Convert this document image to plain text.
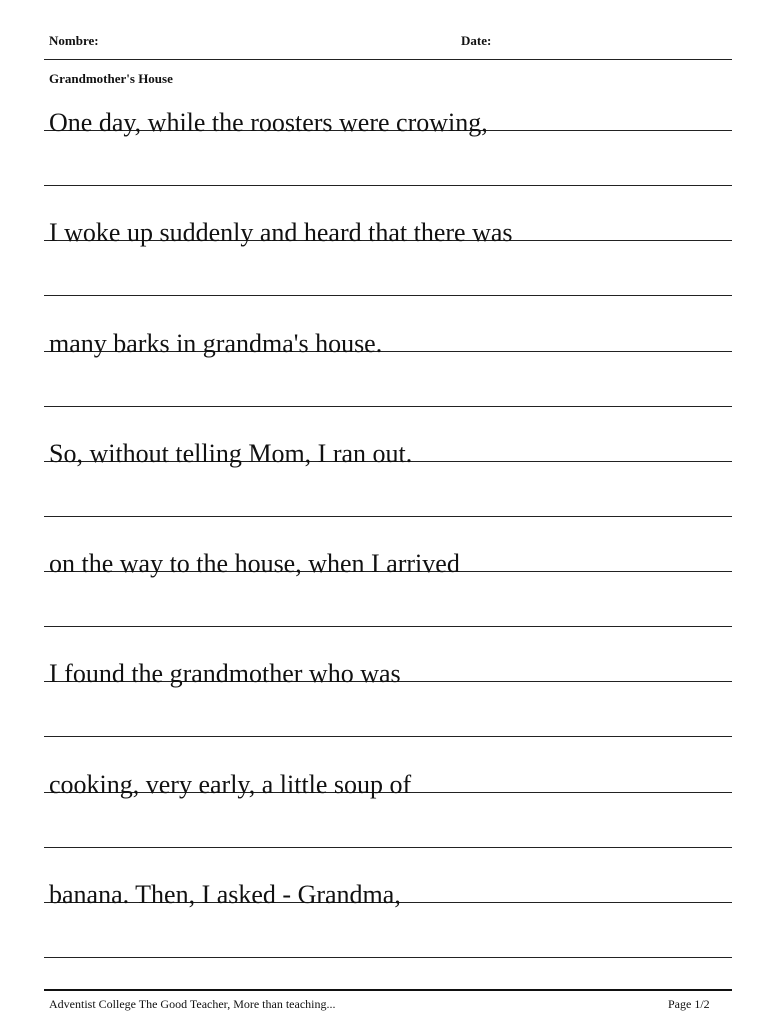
Nombre:	Date:
Grandmother's House
One day, while the roosters were crowing,
I woke up suddenly and heard that there was
many barks in grandma's house.
So, without telling Mom, I ran out.
on the way to the house, when I arrived
I found the grandmother who was
cooking, very early, a little soup of
banana. Then, I asked - Grandma,
Adventist College The Good Teacher, More than teaching...	Page 1/2
